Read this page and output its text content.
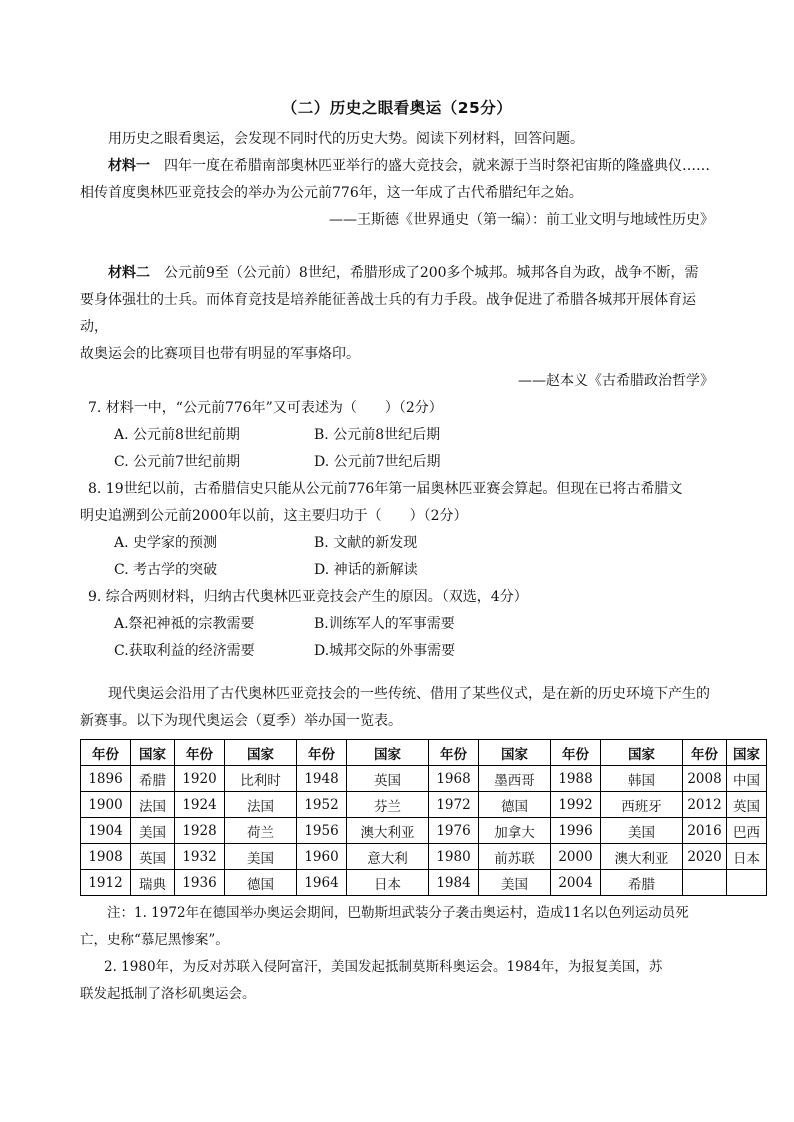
（二）历史之眼看奥运（25分）

用历史之眼看奥运，会发现不同时代的历史大势。阅读下列材料，回答问题。

材料一　四年一度在希腊南部奥林匹亚举行的盛大竞技会，就来源于当时祭祀宙斯的隆盛典仪……

相传首度奥林匹亚竞技会的举办为公元前776年，这一年成了古代希腊纪年之始。

——王斯德《世界通史（第一编）：前工业文明与地域性历史》

材料二　公元前9至（公元前）8世纪，希腊形成了200多个城邦。城邦各自为政，战争不断，需

要身体强壮的士兵。而体育竞技是培养能征善战士兵的有力手段。战争促进了希腊各城邦开展体育运动，

故奥运会的比赛项目也带有明显的军事烙印。

——赵本义《古希腊政治哲学》

7. 材料一中，“公元前776年”又可表述为（　　）（2分）

A. 公元前8世纪前期	B. 公元前8世纪后期
C. 公元前7世纪前期	D. 公元前7世纪后期

8. 19世纪以前，古希腊信史只能从公元前776年第一届奥林匹亚赛会算起。但现在已将古希腊文

明史追溯到公元前2000年以前，这主要归功于（　　）（2分）

A. 史学家的预测	B. 文献的新发现
C. 考古学的突破	D. 神话的新解读

9. 综合两则材料，归纳古代奥林匹亚竞技会产生的原因。（双选，4分）

A.祭祀神祗的宗教需要	B.训练军人的军事需要
C.获取利益的经济需要	D.城邦交际的外事需要

现代奥运会沿用了古代奥林匹亚竞技会的一些传统、借用了某些仪式，是在新的历史环境下产生的

新赛事。以下为现代奥运会（夏季）举办国一览表。

年份	国家	年份	国家	年份	国家	年份	国家	年份	国家	年份	国家
1896	希腊	1920	比利时	1948	英国	1968	墨西哥	1988	韩国	2008	中国
1900	法国	1924	法国	1952	芬兰	1972	德国	1992	西班牙	2012	英国
1904	美国	1928	荷兰	1956	澳大利亚	1976	加拿大	1996	美国	2016	巴西
1908	英国	1932	美国	1960	意大利	1980	前苏联	2000	澳大利亚	2020	日本
1912	瑞典	1936	德国	1964	日本	1984	美国	2004	希腊		

注：1. 1972年在德国举办奥运会期间，巴勒斯坦武装分子袭击奥运村，造成11名以色列运动员死

亡，史称“慕尼黑惨案”。

2. 1980年，为反对苏联入侵阿富汗，美国发起抵制莫斯科奥运会。1984年，为报复美国，苏

联发起抵制了洛杉矶奥运会。
